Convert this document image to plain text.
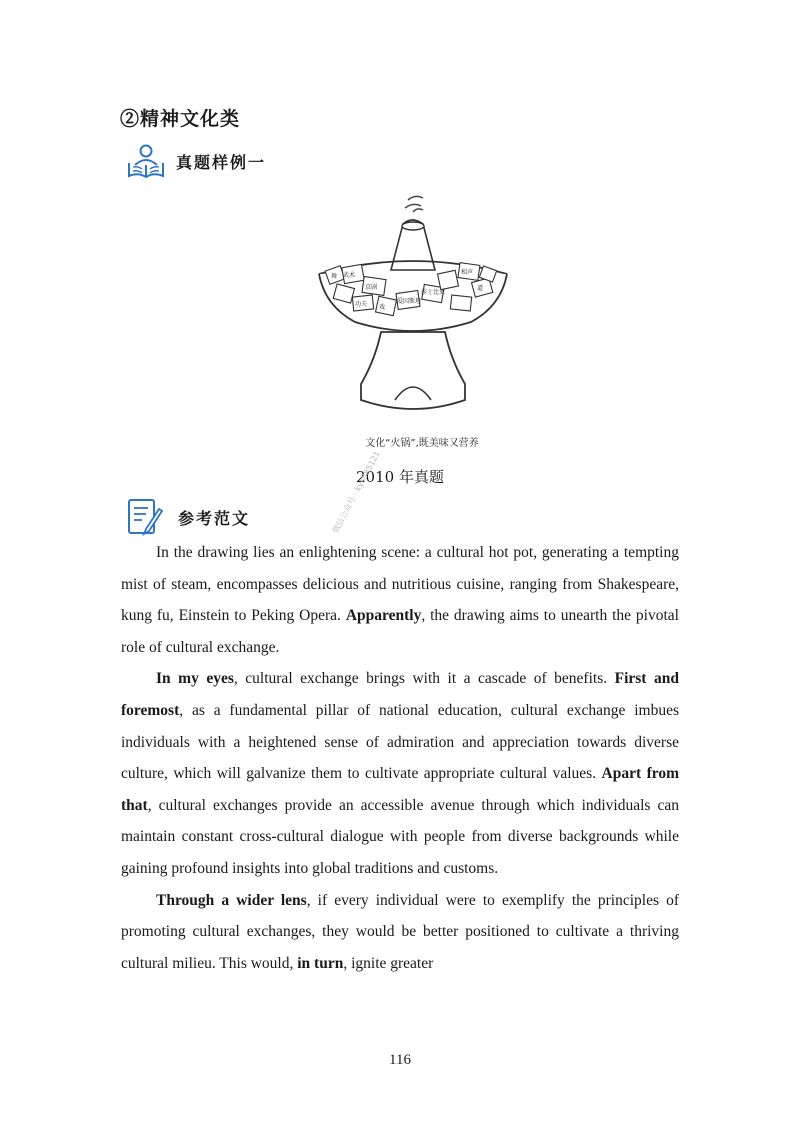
②精神文化类
真题样例一
武术
京剧
功夫
莎士比亚
爱因斯坦
相声
舞
戏
道
文化“火锅”,既美味又营养
2010 年真题
参考范文	微信公众号 · kys085121

In the drawing lies an enlightening scene: a cultural hot pot, generating a tempting mist of steam, encompasses delicious and nutritious cuisine, ranging from Shakespeare, kung fu, Einstein to Peking Opera. Apparently, the drawing aims to unearth the pivotal role of cultural exchange.

In my eyes, cultural exchange brings with it a cascade of benefits. First and foremost, as a fundamental pillar of national education, cultural exchange imbues individuals with a heightened sense of admiration and appreciation towards diverse culture, which will galvanize them to cultivate appropriate cultural values. Apart from that, cultural exchanges provide an accessible avenue through which individuals can maintain constant cross-cultural dialogue with people from diverse backgrounds while gaining profound insights into global traditions and customs.

Through a wider lens, if every individual were to exemplify the principles of promoting cultural exchanges, they would be better positioned to cultivate a thriving cultural milieu. This would, in turn, ignite greater

116
